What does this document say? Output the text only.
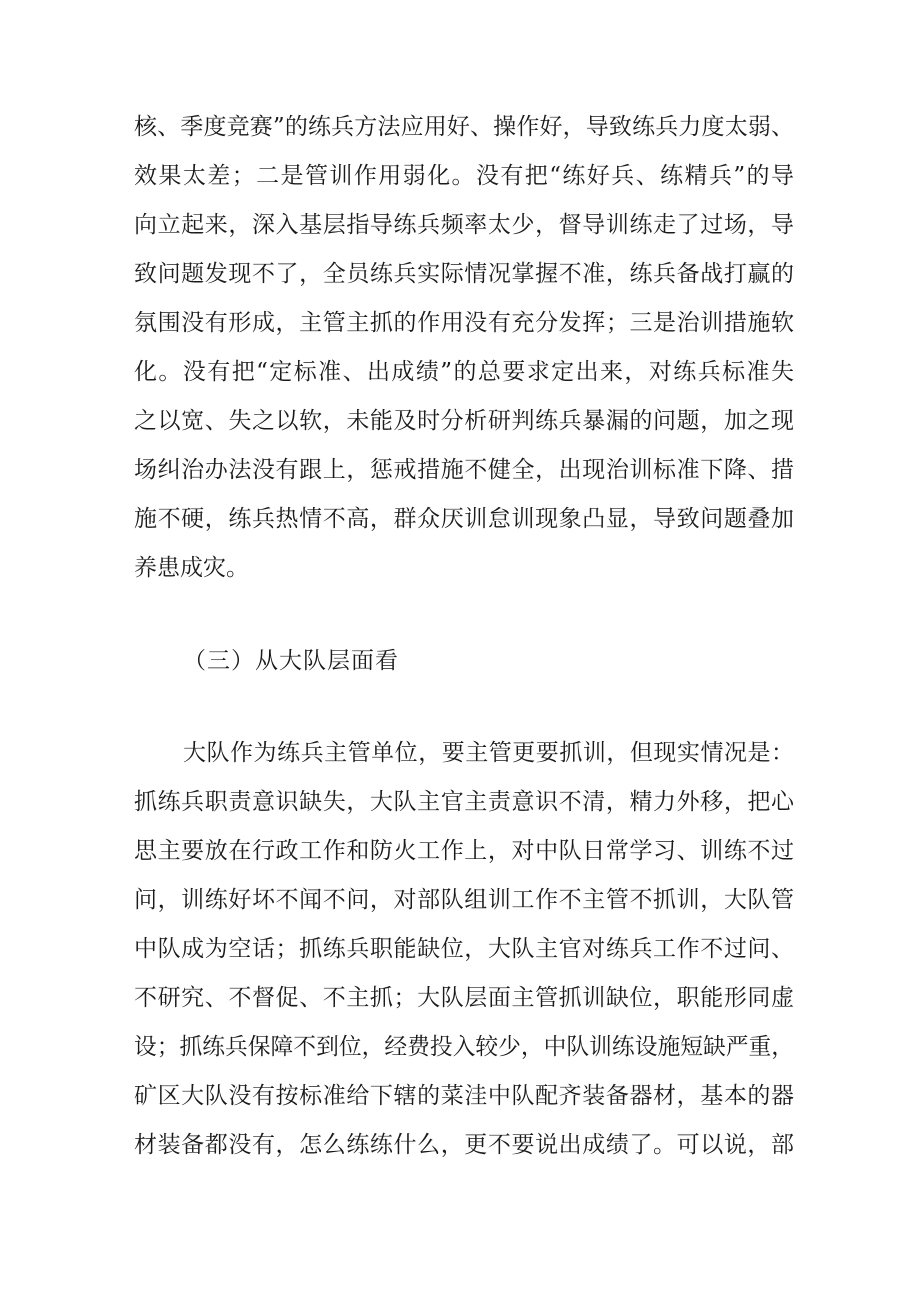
核、季度竞赛”的练兵方法应用好、操作好，导致练兵力度太弱、
效果太差；二是管训作用弱化。没有把“练好兵、练精兵”的导
向立起来，深入基层指导练兵频率太少，督导训练走了过场，导
致问题发现不了，全员练兵实际情况掌握不准，练兵备战打赢的
氛围没有形成，主管主抓的作用没有充分发挥；三是治训措施软
化。没有把“定标准、出成绩”的总要求定出来，对练兵标准失
之以宽、失之以软，未能及时分析研判练兵暴漏的问题，加之现
场纠治办法没有跟上，惩戒措施不健全，出现治训标准下降、措
施不硬，练兵热情不高，群众厌训怠训现象凸显，导致问题叠加
养患成灾。
（三）从大队层面看
大队作为练兵主管单位，要主管更要抓训，但现实情况是：
抓练兵职责意识缺失，大队主官主责意识不清，精力外移，把心
思主要放在行政工作和防火工作上，对中队日常学习、训练不过
问，训练好坏不闻不问，对部队组训工作不主管不抓训，大队管
中队成为空话；抓练兵职能缺位，大队主官对练兵工作不过问、
不研究、不督促、不主抓；大队层面主管抓训缺位，职能形同虚
设；抓练兵保障不到位，经费投入较少，中队训练设施短缺严重，
矿区大队没有按标准给下辖的菜洼中队配齐装备器材，基本的器
材装备都没有，怎么练练什么，更不要说出成绩了。可以说，部
